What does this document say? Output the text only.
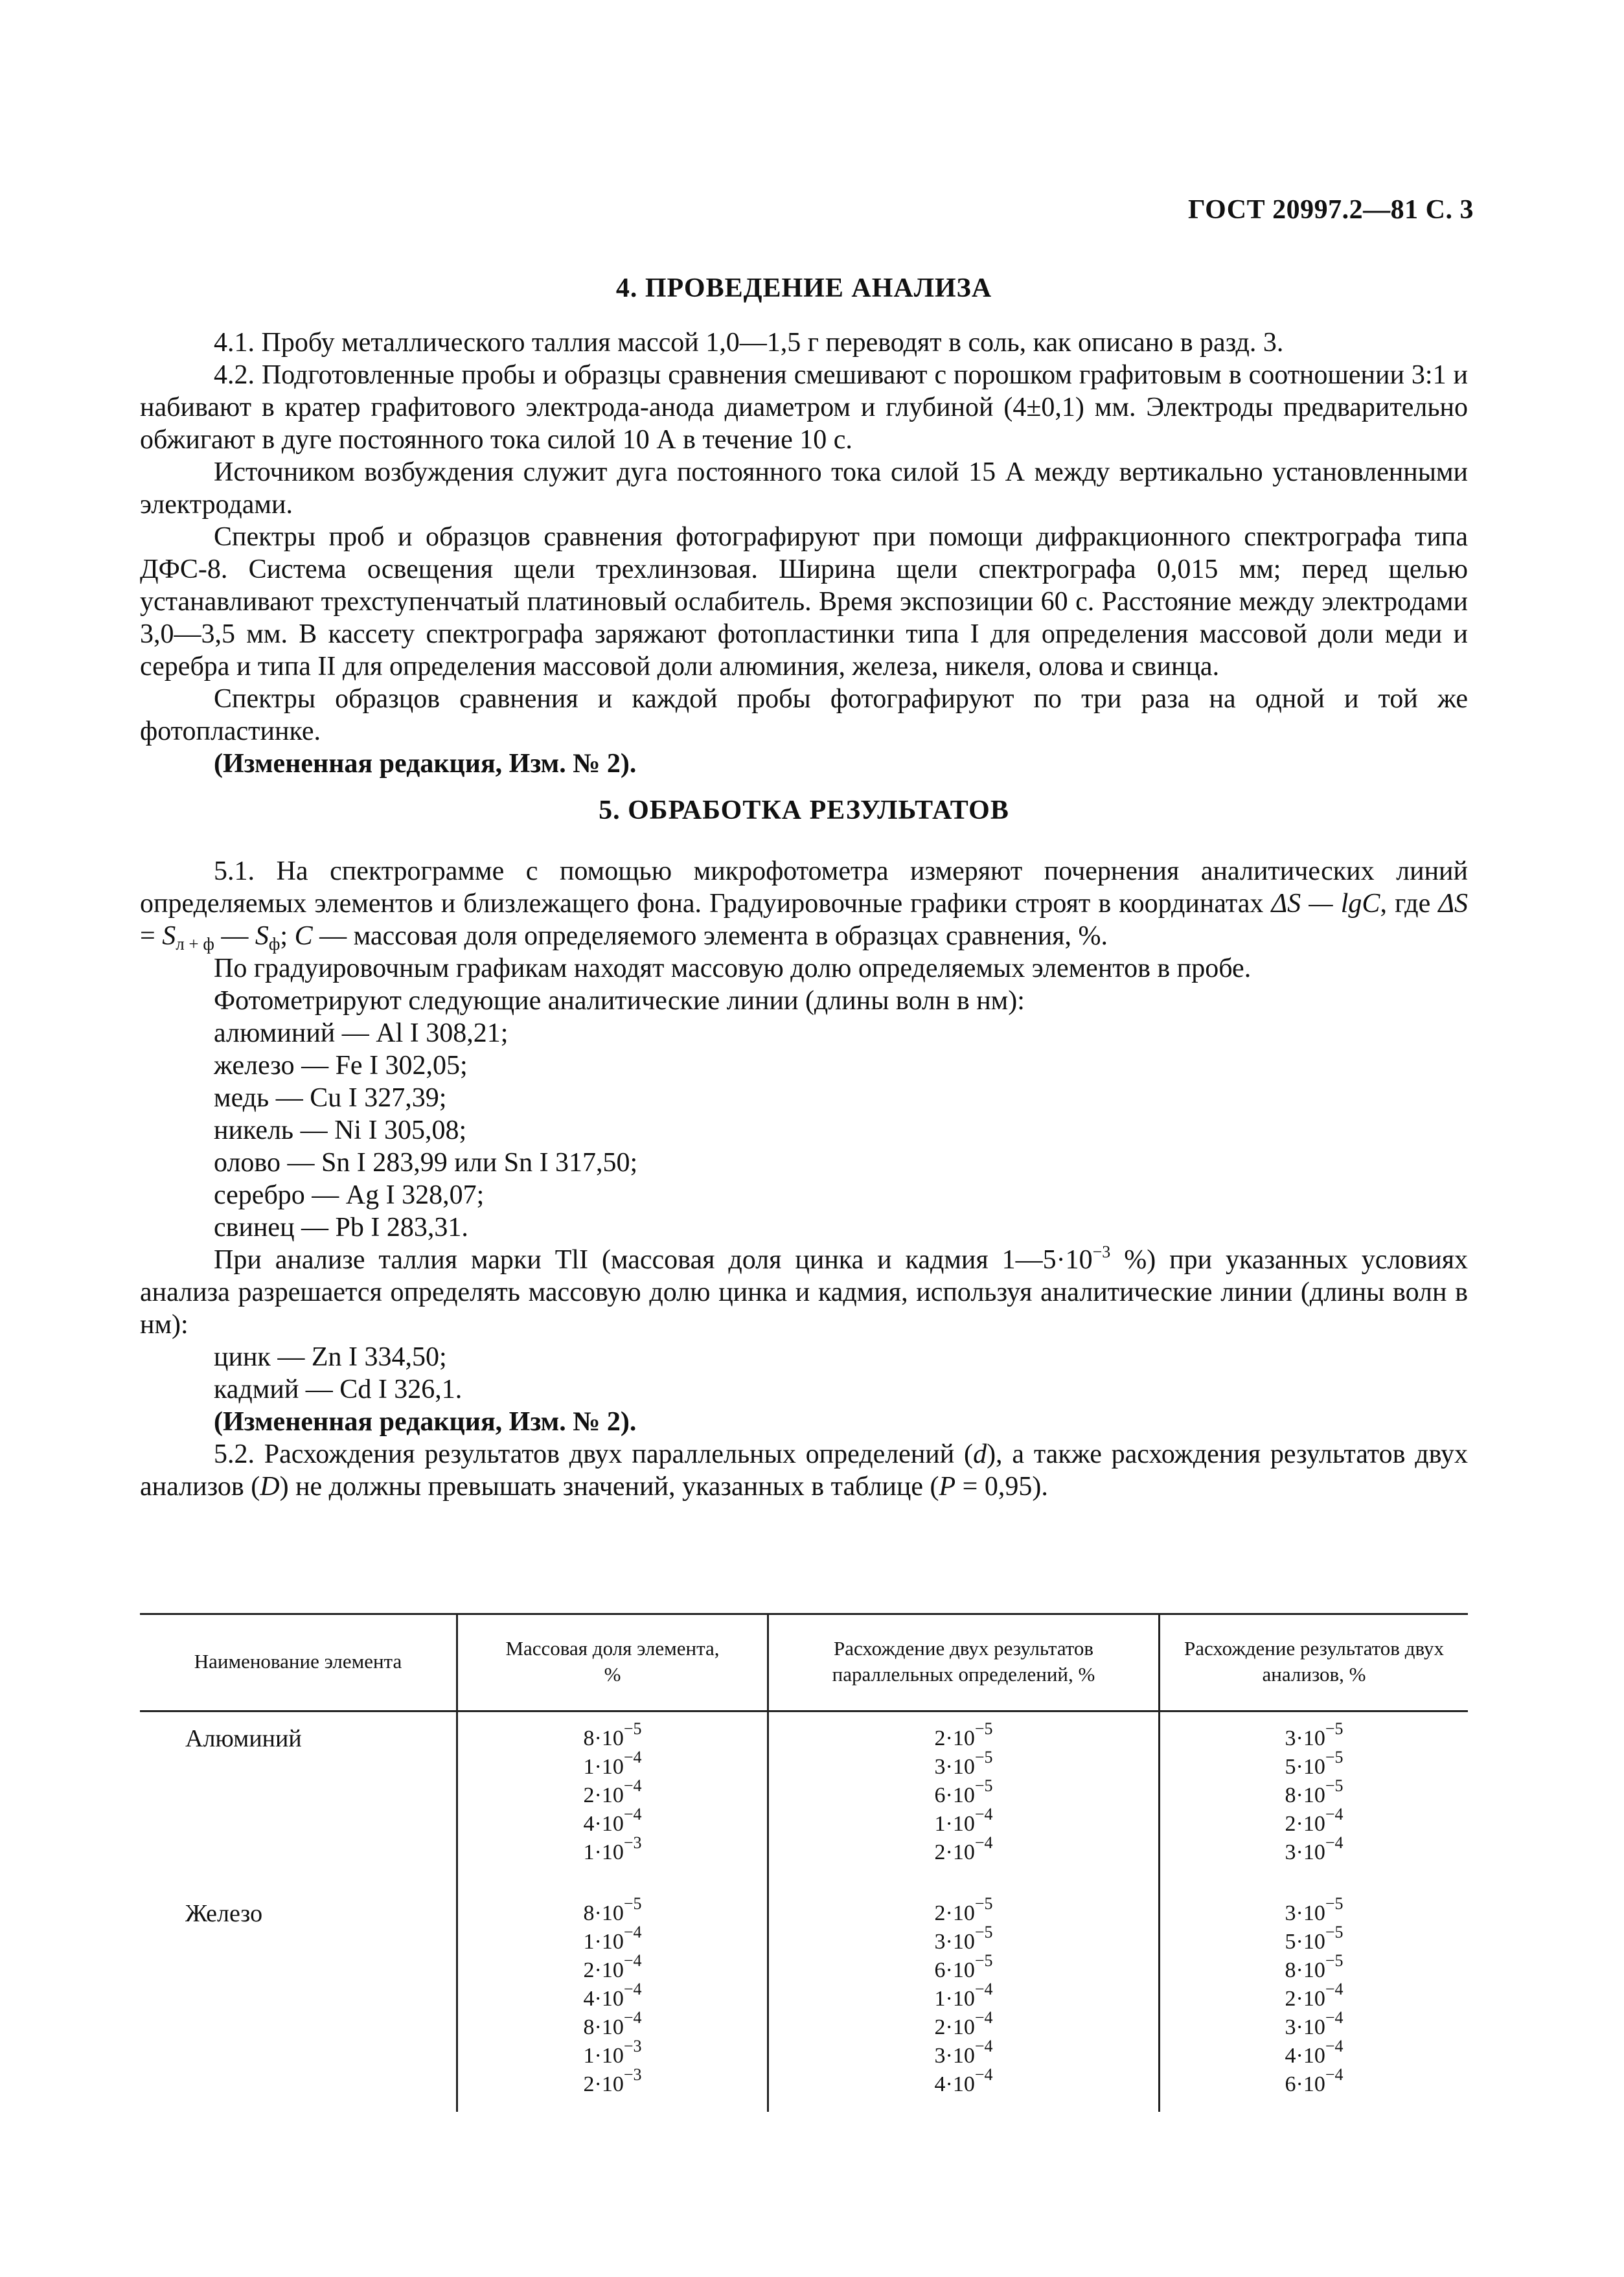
ГОСТ 20997.2—81 С. 3
4. ПРОВЕДЕНИЕ АНАЛИЗА

4.1. Пробу металлического таллия массой 1,0—1,5 г переводят в соль, как описано в разд. 3.

4.2. Подготовленные пробы и образцы сравнения смешивают с порошком графитовым в соотношении 3:1 и набивают в кратер графитового электрода-анода диаметром и глубиной (4±0,1) мм. Электроды предварительно обжигают в дуге постоянного тока силой 10 А в течение 10 с.

Источником возбуждения служит дуга постоянного тока силой 15 А между вертикально установленными электродами.

Спектры проб и образцов сравнения фотографируют при помощи дифракционного спектрографа типа ДФС-8. Система освещения щели трехлинзовая. Ширина щели спектрографа 0,015 мм; перед щелью устанавливают трехступенчатый платиновый ослабитель. Время экспозиции 60 с. Расстояние между электродами 3,0—3,5 мм. В кассету спектрографа заряжают фотопластинки типа I для определения массовой доли меди и серебра и типа II для определения массовой доли алюминия, железа, никеля, олова и свинца.

Спектры образцов сравнения и каждой пробы фотографируют по три раза на одной и той же фотопластинке.

(Измененная редакция, Изм. № 2).

5. ОБРАБОТКА РЕЗУЛЬТАТОВ

5.1. На спектрограмме с помощью микрофотометра измеряют почернения аналитических линий определяемых элементов и близлежащего фона. Градуировочные графики строят в координатах ΔS — lgC, где $\Delta S = S_{л + ф}$ — $S_ф$; C — массовая доля определяемого элемента в образцах сравнения, %.

По градуировочным графикам находят массовую долю определяемых элементов в пробе.

Фотометрируют следующие аналитические линии (длины волн в нм):

алюминий — Al I 308,21;

железо — Fe I 302,05;

медь — Cu I 327,39;

никель — Ni I 305,08;

олово — Sn I 283,99 или Sn I 317,50;

серебро — Ag I 328,07;

свинец — Pb I 283,31.

При анализе таллия марки ТlI (массовая доля цинка и кадмия $1—5\cdot 10^{-3}$ %) при указанных условиях анализа разрешается определять массовую долю цинка и кадмия, используя аналитические линии (длины волн в нм):

цинк — Zn I 334,50;

кадмий — Cd I 326,1.

(Измененная редакция, Изм. № 2).

5.2. Расхождения результатов двух параллельных определений (d), а также расхождения результатов двух анализов (D) не должны превышать значений, указанных в таблице (P = 0,95).

Наименование элемента
Массовая доля элемента, %
Расхождение двух результатов параллельных определений, %
Расхождение результатов двух анализов, %
Алюминий	$8\cdot 10^{-5}$
$1\cdot 10^{-4}$
$2\cdot 10^{-4}$
$4\cdot 10^{-4}$
$1\cdot 10^{-3}$
$2\cdot 10^{-5}$
$3\cdot 10^{-5}$
$6\cdot 10^{-5}$
$1\cdot 10^{-4}$
$2\cdot 10^{-4}$
$3\cdot 10^{-5}$
$5\cdot 10^{-5}$
$8\cdot 10^{-5}$
$2\cdot 10^{-4}$
$3\cdot 10^{-4}$
Железо	$8\cdot 10^{-5}$
$1\cdot 10^{-4}$
$2\cdot 10^{-4}$
$4\cdot 10^{-4}$
$8\cdot 10^{-4}$
$1\cdot 10^{-3}$
$2\cdot 10^{-3}$
$2\cdot 10^{-5}$
$3\cdot 10^{-5}$
$6\cdot 10^{-5}$
$1\cdot 10^{-4}$
$2\cdot 10^{-4}$
$3\cdot 10^{-4}$
$4\cdot 10^{-4}$
$3\cdot 10^{-5}$
$5\cdot 10^{-5}$
$8\cdot 10^{-5}$
$2\cdot 10^{-4}$
$3\cdot 10^{-4}$
$4\cdot 10^{-4}$
$6\cdot 10^{-4}$
